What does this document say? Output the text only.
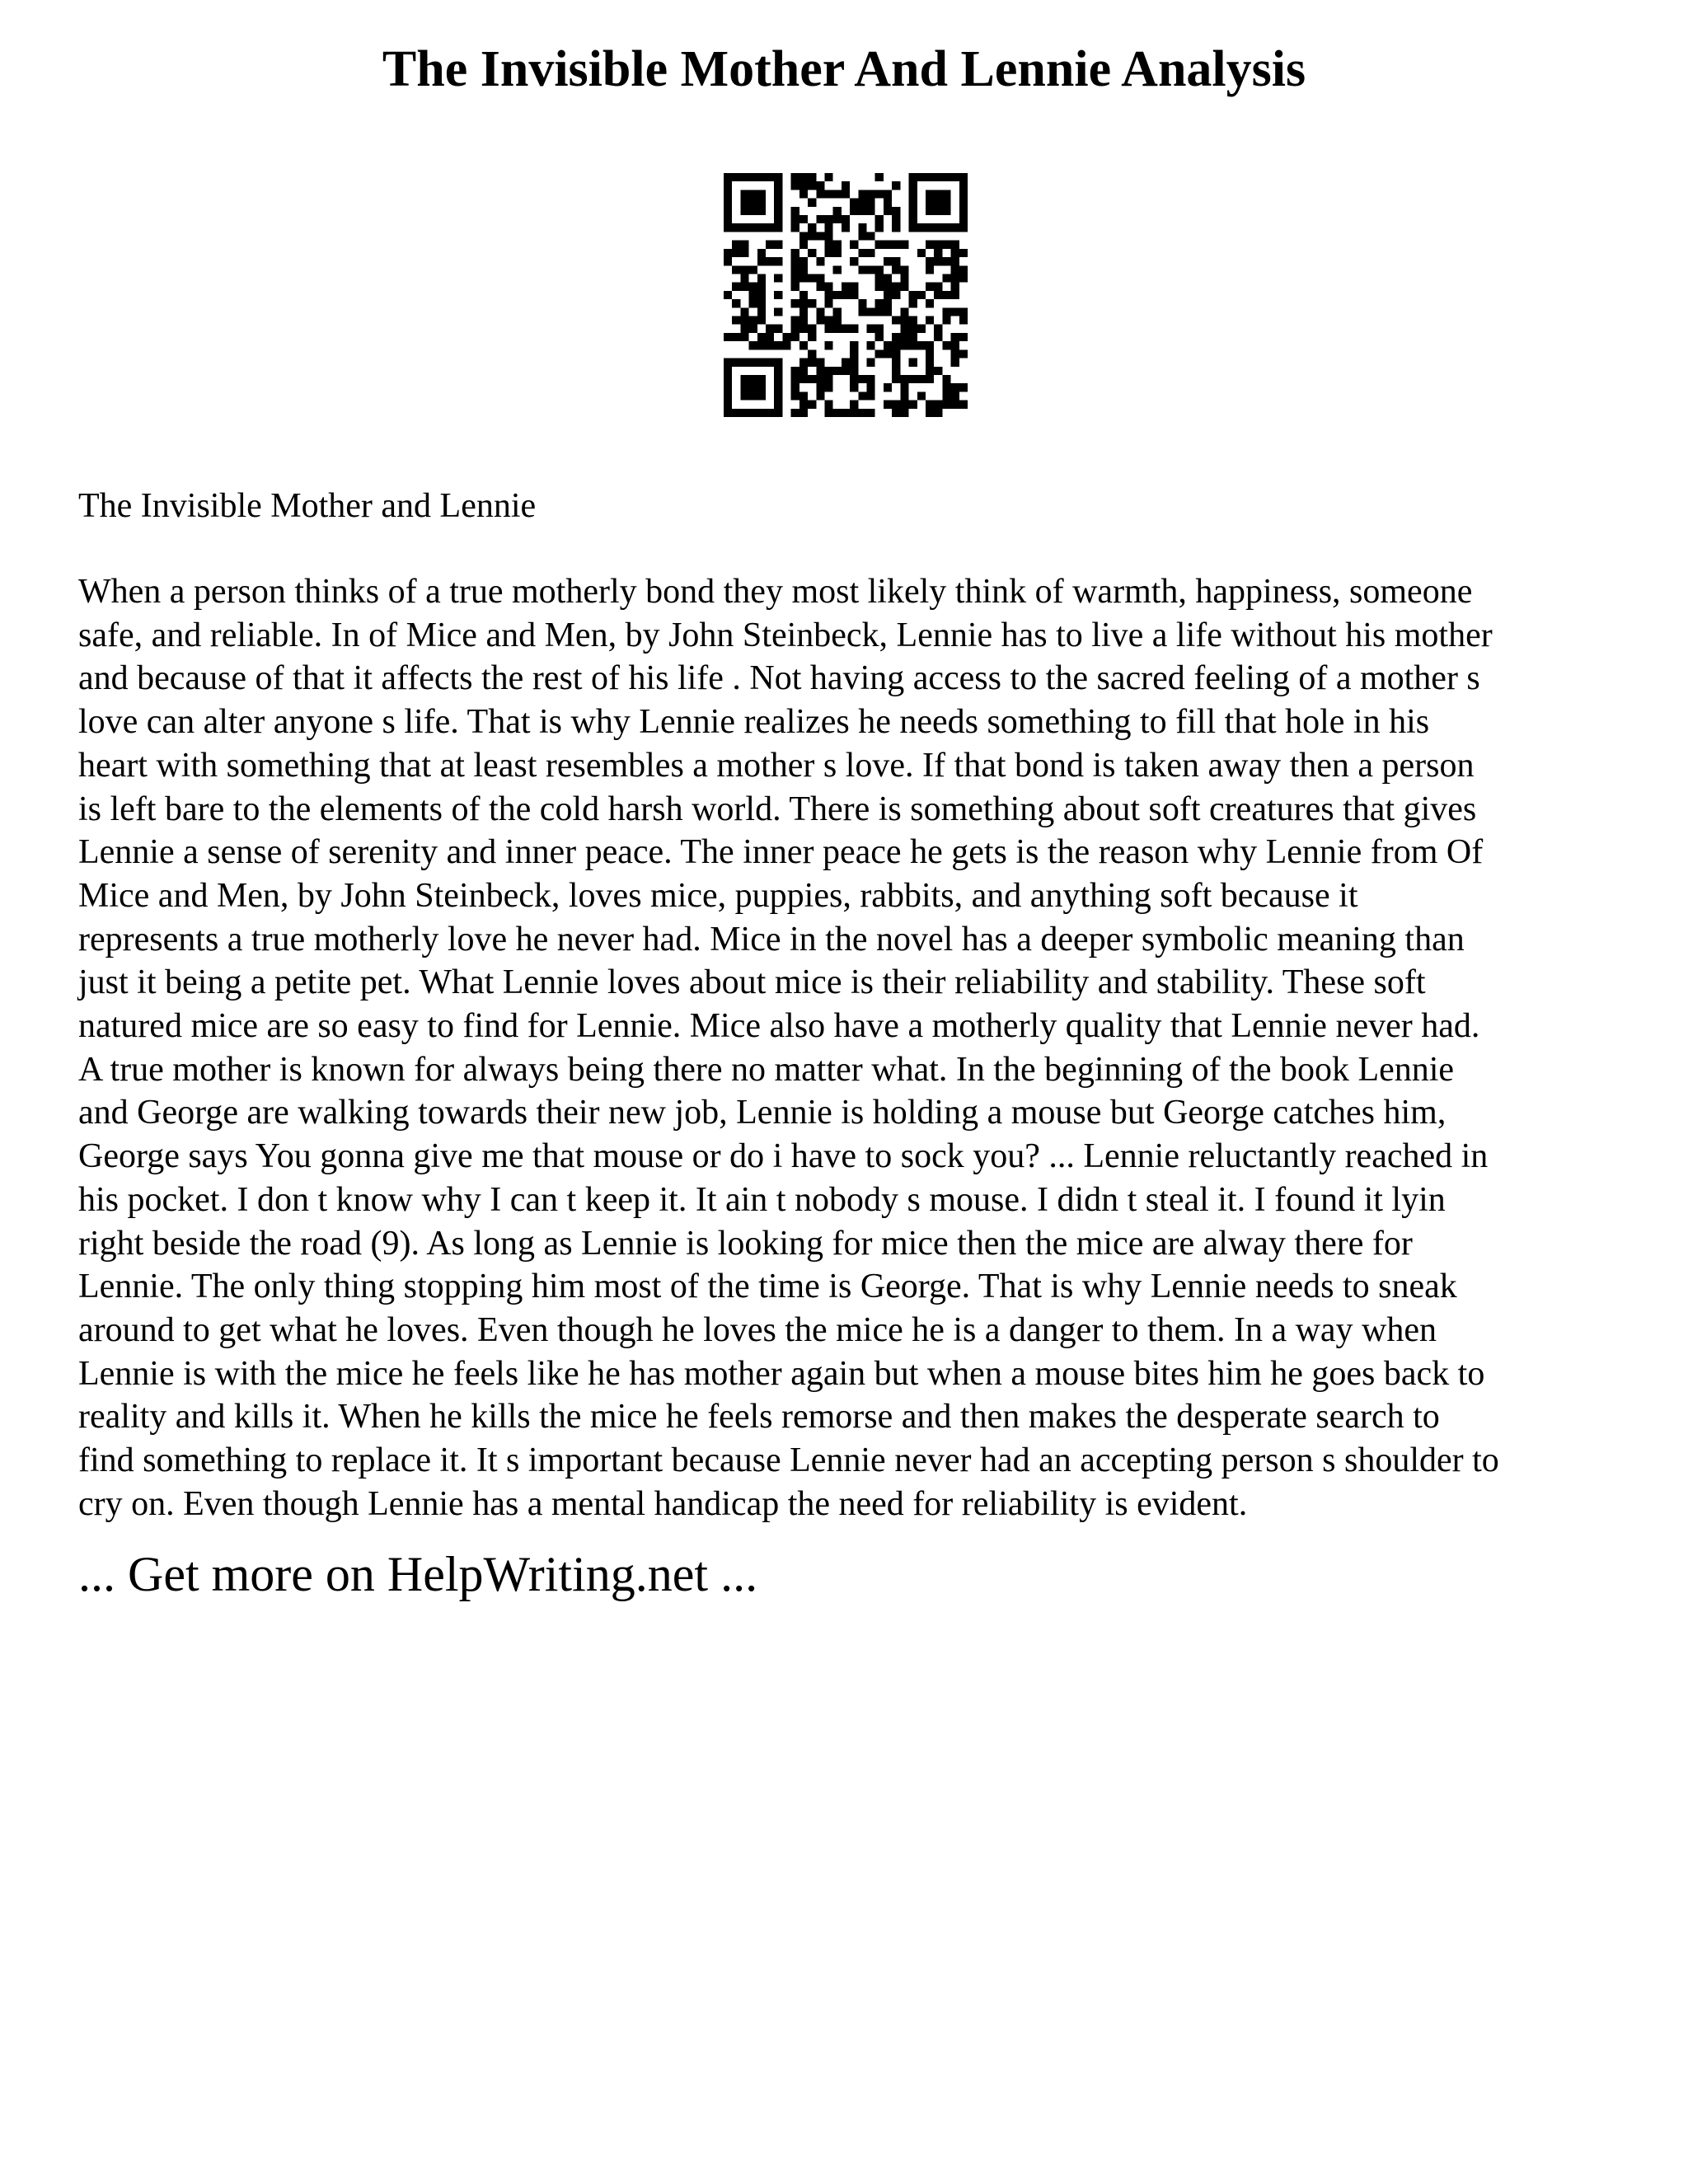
The Invisible Mother And Lennie Analysis

The Invisible Mother and Lennie

When a person thinks of a true motherly bond they most likely think of warmth, happiness, someone
safe, and reliable. In of Mice and Men, by John Steinbeck, Lennie has to live a life without his mother
and because of that it affects the rest of his life . Not having access to the sacred feeling of a mother s
love can alter anyone s life. That is why Lennie realizes he needs something to fill that hole in his
heart with something that at least resembles a mother s love. If that bond is taken away then a person
is left bare to the elements of the cold harsh world. There is something about soft creatures that gives
Lennie a sense of serenity and inner peace. The inner peace he gets is the reason why Lennie from Of
Mice and Men, by John Steinbeck, loves mice, puppies, rabbits, and anything soft because it
represents a true motherly love he never had. Mice in the novel has a deeper symbolic meaning than
just it being a petite pet. What Lennie loves about mice is their reliability and stability. These soft
natured mice are so easy to find for Lennie. Mice also have a motherly quality that Lennie never had.
A true mother is known for always being there no matter what. In the beginning of the book Lennie
and George are walking towards their new job, Lennie is holding a mouse but George catches him,
George says You gonna give me that mouse or do i have to sock you? ... Lennie reluctantly reached in
his pocket. I don t know why I can t keep it. It ain t nobody s mouse. I didn t steal it. I found it lyin
right beside the road (9). As long as Lennie is looking for mice then the mice are alway there for
Lennie. The only thing stopping him most of the time is George. That is why Lennie needs to sneak
around to get what he loves. Even though he loves the mice he is a danger to them. In a way when
Lennie is with the mice he feels like he has mother again but when a mouse bites him he goes back to
reality and kills it. When he kills the mice he feels remorse and then makes the desperate search to
find something to replace it. It s important because Lennie never had an accepting person s shoulder to
cry on. Even though Lennie has a mental handicap the need for reliability is evident.

... Get more on HelpWriting.net ...
